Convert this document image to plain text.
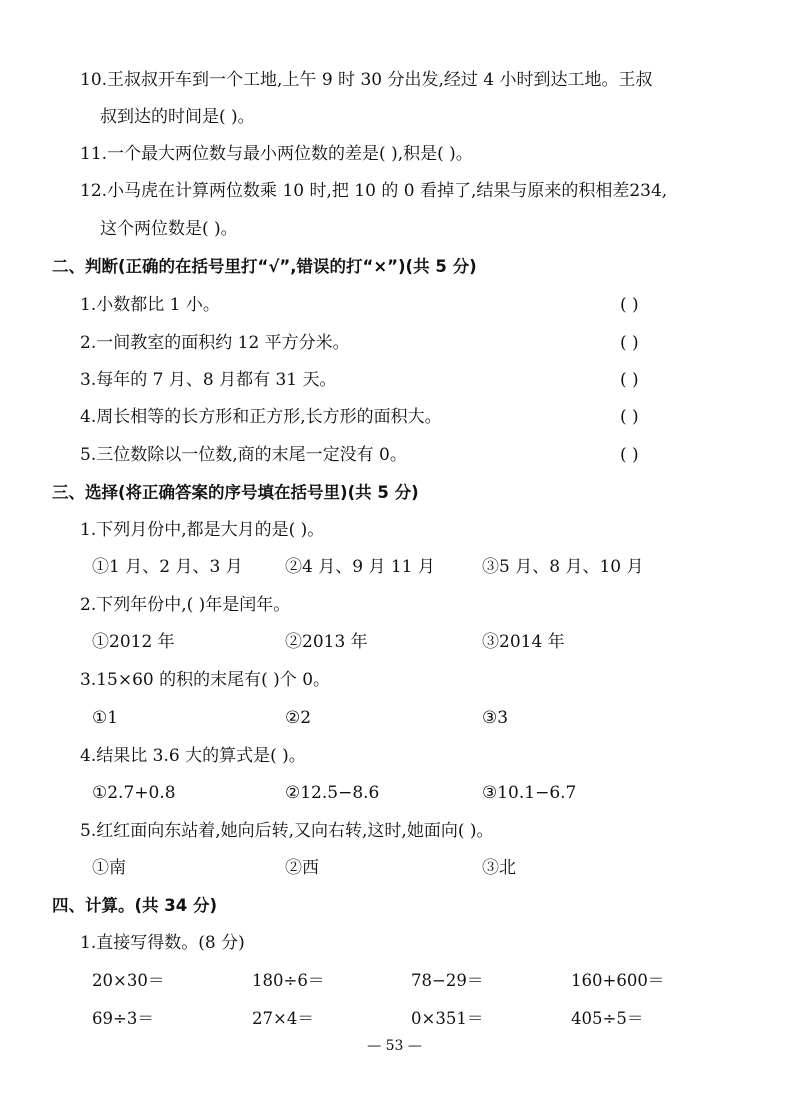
10.王叔叔开车到一个工地,上午 9 时 30 分出发,经过 4 小时到达工地。王叔
叔到达的时间是( )。
11.一个最大两位数与最小两位数的差是( ),积是( )。
12.小马虎在计算两位数乘 10 时,把 10 的 0 看掉了,结果与原来的积相差234,
这个两位数是( )。
二、判断(正确的在括号里打“√”,错误的打“×”)(共 5 分)
1.小数都比 1 小。	( )
2.一间教室的面积约 12 平方分米。	( )
3.每年的 7 月、8 月都有 31 天。	( )
4.周长相等的长方形和正方形,长方形的面积大。	( )
5.三位数除以一位数,商的末尾一定没有 0。	( )
三、选择(将正确答案的序号填在括号里)(共 5 分)
1.下列月份中,都是大月的是( )。
①1 月、2 月、3 月 ②4 月、9 月 11 月	③5 月、8 月、10 月
2.下列年份中,( )年是闰年。
①2012 年	②2013 年	③2014 年
3.15×60 的积的末尾有( )个 0。
①1	②2	③3
4.结果比 3.6 大的算式是( )。
①2.7+0.8	②12.5−8.6	③10.1−6.7
5.红红面向东站着,她向后转,又向右转,这时,她面向( )。
①南	②西	③北
四、计算。(共 34 分)
1.直接写得数。(8 分)
20×30＝	180÷6＝	78−29＝	160+600＝
69÷3＝	27×4＝	0×351＝	405÷5＝
— 53 —
